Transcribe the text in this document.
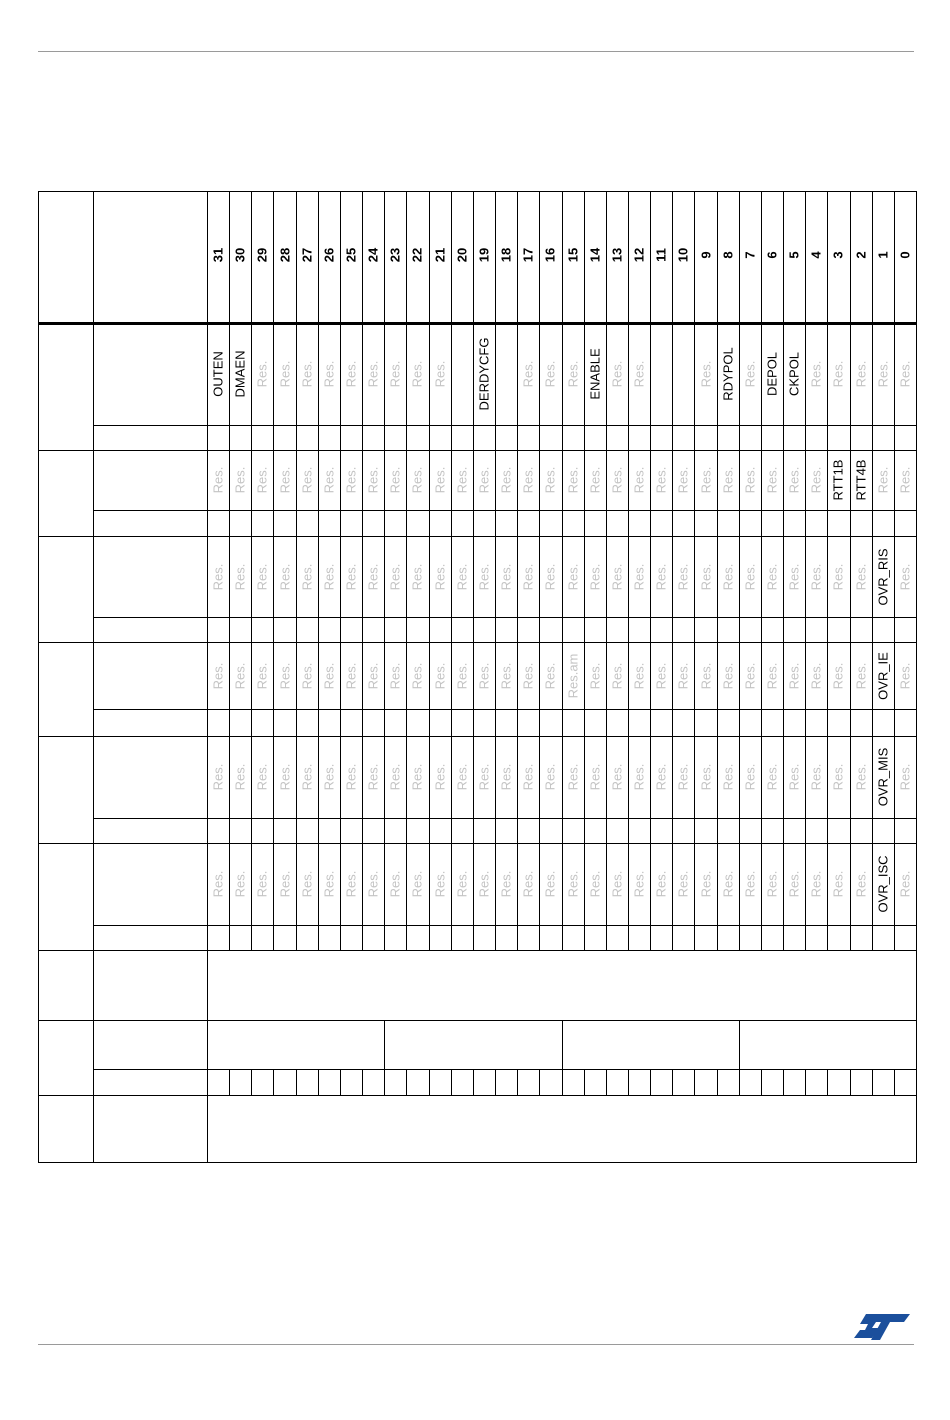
31 30 29 28 27 26 25 24 23 22 21 20 19 18 17 16 15 14 13 12 11 10 9 8 7 6 5 4 3 2 1 0
OUTEN DMAEN Res. Res. Res. Res. Res. Res. Res. Res. Res. DERDYCFG Res. Res. Res. ENABLE Res. Res.	Res. RDYPOL Res. DEPOL CKPOL Res. Res. Res. Res. Res.
Res. Res. Res. Res. Res. Res. Res. Res. Res. Res. Res. Res. Res. Res. Res. Res. Res. Res. Res. Res. Res. Res. Res. Res. Res. Res. Res. Res. RTT1B RTT4B Res. Res.
Res. Res. Res. Res. Res. Res. Res. Res. Res. Res. Res. Res. Res. Res. Res. Res. Res. Res. Res. Res. Res. Res. Res. Res. Res. Res. Res. Res. Res. Res. OVR_RIS Res.
Res. Res. Res. Res. Res. Res. Res. Res. Res. Res. Res. Res. Res. Res. Res. Res. Res.am Res. Res. Res. Res. Res. Res. Res. Res. Res. Res. Res. Res. Res. OVR_IE Res.
Res. Res. Res. Res. Res. Res. Res. Res. Res. Res. Res. Res. Res. Res. Res. Res. Res. Res. Res. Res. Res. Res. Res. Res. Res. Res. Res. Res. Res. Res. OVR_MIS Res.
Res. Res. Res. Res. Res. Res. Res. Res. Res. Res. Res. Res. Res. Res. Res. Res. Res. Res. Res. Res. Res. Res. Res. Res. Res. Res. Res. Res. Res. Res. OVR_ISC Res.
